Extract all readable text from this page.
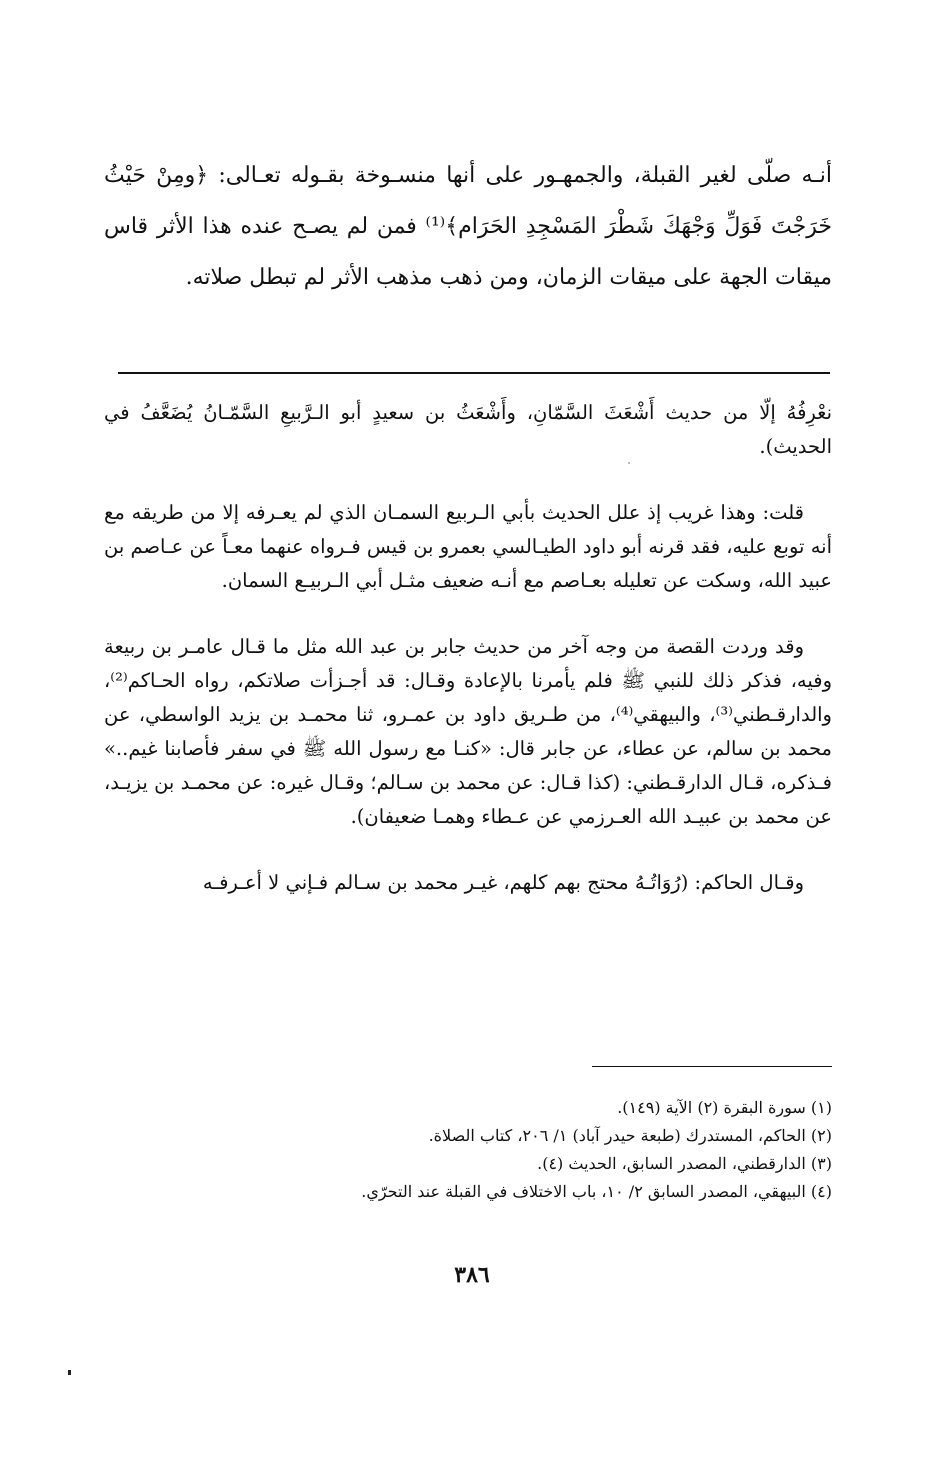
أنـه صلّى لغير القبلة، والجمهـور على أنها منسـوخة بقـوله تعـالى: ﴿ومِنْ حَيْثُ خَرَجْتَ فَوَلِّ وَجْهَكَ شَطْرَ المَسْجِدِ الحَرَام﴾⁽¹⁾ فمن لم يصـح عنده هذا الأثر قاس ميقات الجهة على ميقات الزمان، ومن ذهب مذهب الأثر لم تبطل صلاته.

نعْرِفُهُ إلّا من حديث أَشْعَثَ السَّمّانِ، وأَشْعَثُ بن سعيدٍ أبو الـرَّبيعِ السَّمّـانُ يُضَعَّفُ في الحديث).

قلت: وهذا غريب إذ علل الحديث بأبي الـربيع السمـان الذي لم يعـرفه إلا من طريقه مع أنه توبع عليه، فقد قرنه أبو داود الطيـالسي بعمرو بن قيس فـرواه عنهما معـاً عن عـاصم بن عبيد الله، وسكت عن تعليله بعـاصم مع أنـه ضعيف مثـل أبي الـربيـع السمان.

وقد وردت القصة من وجه آخر من حديث جابر بن عبد الله مثل ما قـال عامـر بن ربيعة وفيه، فذكر ذلك للنبي ﷺ فلم يأمرنا بالإعادة وقـال: قد أجـزأت صلاتكم، رواه الحـاكم⁽²⁾، والدارقـطني⁽³⁾، والبيهقي⁽⁴⁾، من طـريق داود بن عمـرو، ثنا محمـد بن يزيد الواسطي، عن محمد بن سالم، عن عطاء، عن جابر قال: «كنـا مع رسول الله ﷺ في سفر فأصابنا غيم..» فـذكره، قـال الدارقـطني: (كذا قـال: عن محمد بن سـالم؛ وقـال غيره: عن محمـد بن يزيـد، عن محمد بن عبيـد الله العـرزمي عن عـطاء وهمـا ضعيفان).

وقـال الحاكم: (رُوَاتُـهُ محتج بهم كلهم، غيـر محمد بن سـالم فـإني لا أعـرفـه

(١) سورة البقرة (٢) الآية (١٤٩).

(٢) الحاكم، المستدرك (طبعة حيدر آباد) ١/ ٢٠٦، كتاب الصلاة.

(٣) الدارقطني، المصدر السابق، الحديث (٤).

(٤) البيهقي، المصدر السابق ٢/ ١٠، باب الاختلاف في القبلة عند التحرّي.

٣٨٦
